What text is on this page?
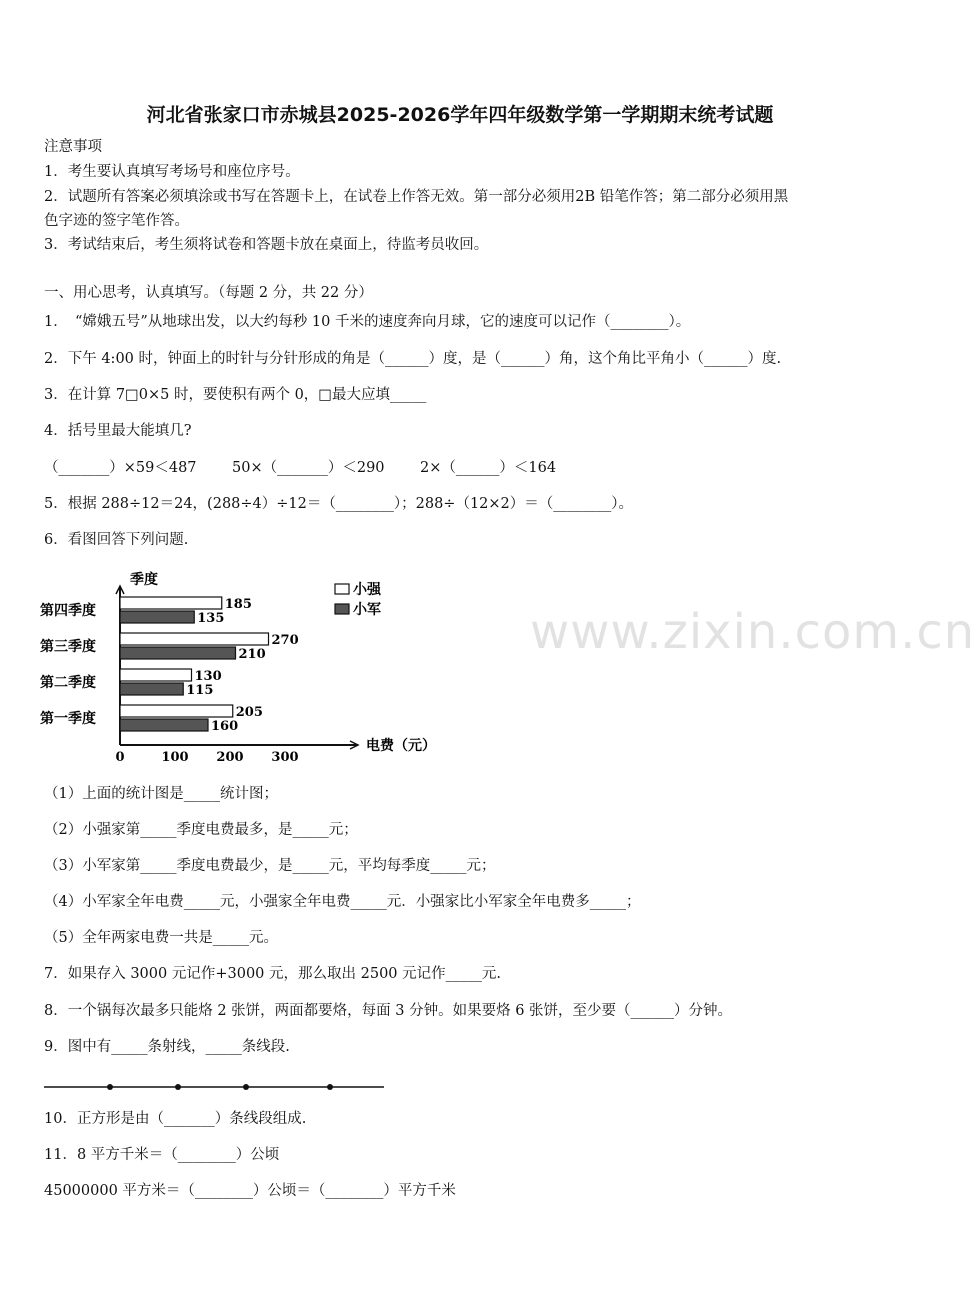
河北省张家口市赤城县2025-2026学年四年级数学第一学期期末统考试题
注意事项
1．考生要认真填写考场号和座位序号。
2．试题所有答案必须填涂或书写在答题卡上，在试卷上作答无效。第一部分必须用2B 铅笔作答；第二部分必须用黑
色字迹的签字笔作答。
3．考试结束后，考生须将试卷和答题卡放在桌面上，待监考员收回。
一、用心思考，认真填写。（每题 2 分，共 22 分）
1．　“嫦娥五号”从地球出发，以大约每秒 10 千米的速度奔向月球，它的速度可以记作（________）。
2．下午 4:00 时，钟面上的时针与分针形成的角是（______）度，是（______）角，这个角比平角小（______）度.
3．在计算 7□0×5 时，要使积有两个 0，□最大应填_____
4．括号里最大能填几?
（_______）×59＜487 50×（_______）＜290 2×（______）＜164
5．根据 288÷12＝24，(288÷4）÷12＝（________）；288÷（12×2）＝（________）。
6．看图回答下列问题.
季度
电费（元）
0	100 200 300
第一季度	205
160
第二季度	130
115
第三季度	270
210
第四季度	185
135
小强
小军	www.zixin.com.cn
（1）上面的统计图是_____统计图；
（2）小强家第_____季度电费最多，是_____元；
（3）小军家第_____季度电费最少，是_____元，平均每季度_____元；
（4）小军家全年电费_____元，小强家全年电费_____元．小强家比小军家全年电费多_____；
（5）全年两家电费一共是_____元。
7．如果存入 3000 元记作+3000 元，那么取出 2500 元记作_____元.
8．一个锅每次最多只能烙 2 张饼，两面都要烙，每面 3 分钟。如果要烙 6 张饼，至少要（______）分钟。
9．图中有_____条射线，_____条线段.
10．正方形是由（_______）条线段组成.
11．8 平方千米＝（________）公顷
45000000 平方米＝（________）公顷＝（________）平方千米
